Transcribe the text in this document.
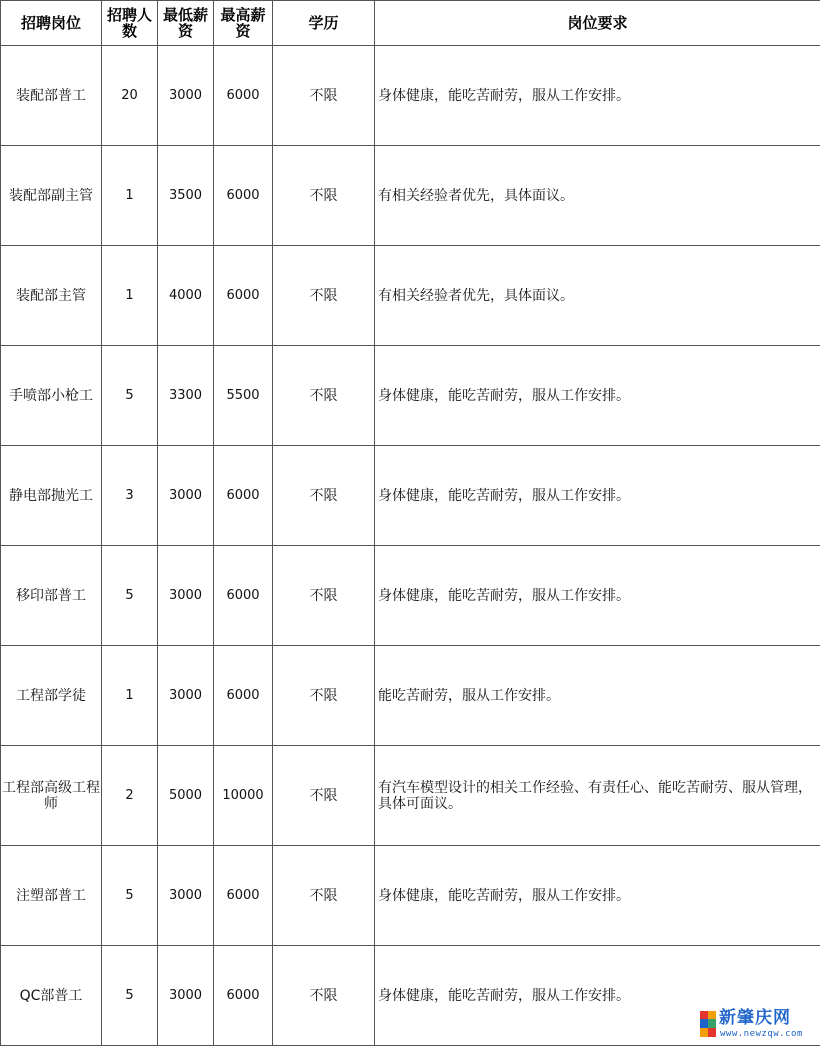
招聘岗位	招聘人数	最低薪资	最高薪资	学历	岗位要求
装配部普工	20	3000	6000	不限	身体健康，能吃苦耐劳，服从工作安排。
装配部副主管	1	3500	6000	不限	有相关经验者优先，具体面议。
装配部主管	1	4000	6000	不限	有相关经验者优先，具体面议。
手喷部小枪工	5	3300	5500	不限	身体健康，能吃苦耐劳，服从工作安排。
静电部抛光工	3	3000	6000	不限	身体健康，能吃苦耐劳，服从工作安排。
移印部普工	5	3000	6000	不限	身体健康，能吃苦耐劳，服从工作安排。
工程部学徒	1	3000	6000	不限	能吃苦耐劳，服从工作安排。
工程部高级工程师	2	5000	10000	不限	有汽车模型设计的相关工作经验、有责任心、能吃苦耐劳、服从管理，具体可面议。
注塑部普工	5	3000	6000	不限	身体健康，能吃苦耐劳，服从工作安排。
QC部普工	5	3000	6000	不限	身体健康，能吃苦耐劳，服从工作安排。
新肇庆网
www.newzqw.com
